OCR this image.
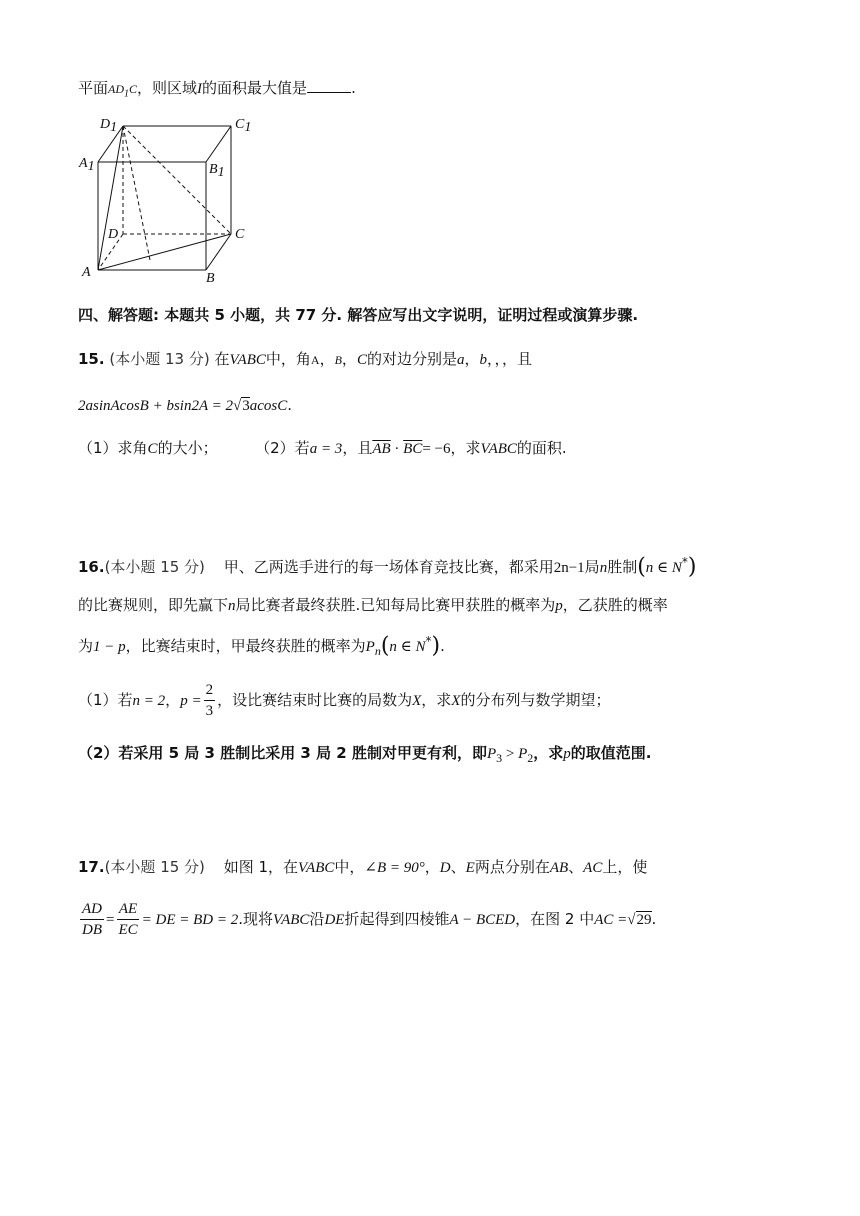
平面$AD_1C$，则区域I的面积最大值是	.
D1	C1
A1	B1
D	C
A	B
四、解答题: 本题共 5 小题，共 77 分. 解答应写出文字说明，证明过程或演算步骤.
15. (本小题 13 分) 在VABC中，角A，B，C的对边分别是a，b，，，且
2asinAcosB + bsin2A = 2√3acosC.
（1）求角C的大小；	（2）若a = 3，且$\overline{AB} \cdot \overline{BC}= -6$，求VABC的面积.
16.(本小题 15 分) 甲、乙两选手进行的每一场体育竞技比赛，都采用2n−1局n胜制(n ∈ N*)
的比赛规则，即先赢下n局比赛者最终获胜.已知每局比赛甲获胜的概率为p，乙获胜的概率
为1 − p，比赛结束时，甲最终获胜的概率为$P_n(n$ ∈ N*).
（1）若n = 2，$p = \frac{2}{3}$ ，设比赛结束时比赛的局数为X，求X的分布列与数学期望；
（2）若采用 5 局 3 胜制比采用 3 局 2 胜制对甲更有利，即$P_3 > P_2$，求p的取值范围.
17.(本小题 15 分) 如图 1，在VABC中，∠B = 90°，D、E两点分别在AB、AC上，使
$\frac{AD}{DB} = \frac{AE}{EC}$ = DE = BD = 2.现将VABC沿DE折起得到四棱锥A − BCED，在图 2 中AC =√29.
